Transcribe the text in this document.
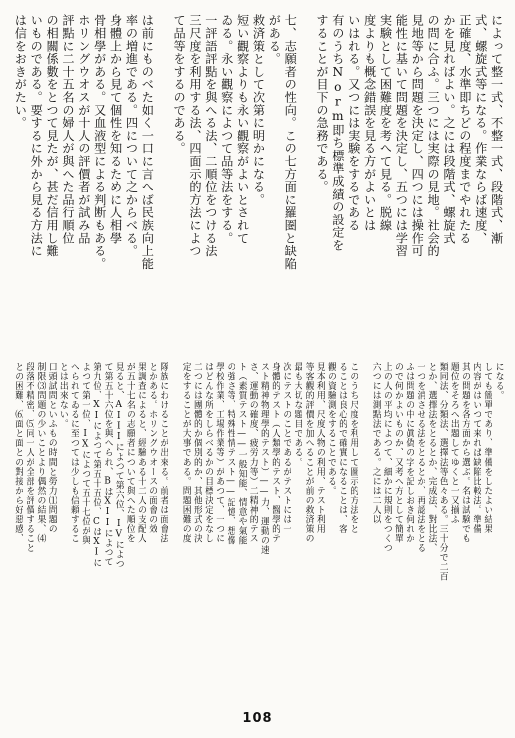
によって整一式、不整一式、段階式、漸
式、螺旋式等になる。作業ならば速度、
正確度、水準即ちどの程度までやれたる
かを見ればよい。之には段階式、螺旋式
の問に合ふ。三つには実際の見地。社会的
見地等から問題を決定し、四つには操作可
能性に基いて問題を決定し、五つには学習
実験として困難度を考へて見る。脱線
度よりも概念錯誤を見る方がよいとは
いはれる。又つには実験をするである
有のうちNorm即ち標準成績の設定を
することが目下の急務である。
七、志願者の性向。この七方面に羅圏と缺陥
がある。
救済策として次第に明かになる。
短い觀察よりも永い觀察がよいとされて
ゐる。永い觀察によつて品等法をする。
一評語評點を與へる法、二順位をつける法
三尺度を利用する法、四面示的方法によつ
て品等をするのである。
は前にものべた如く一口に言へば民族向上能
率の増進である。四について之からべる。
身體上から見て個性を知るために人相學
骨相學がある。又血液型による判断もある。
ホリングウオスが十人の評價者が試み品
評點に二十五名の婦人が與へた品行順位
の相關係數をとつて見たが、甚だ信用し難
いものである。要するに外から見る方法に
は信をおきがたい。
になる。
しても簡單であり、準備をしたよい結果
内容がはいつて来れば缺陥比較法。準備
其の問題を各方面から選ぶ。名は試験でも
題位をそろへ出題してゆくと一又揃ふ
類同法、分類法、選擇法等色々ある。三十分で二百
とか、選擇法をとるとか、完成法、對比法、
一つを消させる法をとるとか、再認法をとる
ふは問題の中に眞偽の字を記しおき何れか
ので何かよいものか、又考へ方として簡單
上の人の平均によつて、細かに規則をつくつ
六つには測點法である。之には二人以
このうち尺度を利用して圖示的方法をと
ることは良心的で確實になることは、客
觀の資驗測をすることである。
見本利用、尺度人物の利用、テスト利用
等客觀的評價を加へることが前の救済策の
最も大切な題目である。
次にテストのことであるがテストには一
身體的テスト（人類學的テスト、醫學的テ
スト精神物理學的テスト）——力、運動の速
さ、運動の確度、疲労力等）二精神的テス
ト（素質テスト——一般知能、情意や氣能
の強さ等、特殊性情テスト——記憶、想像
學校作業、工場作業等）があつて、一つに
はどんな所をしらべるかの目標決定をなし
二つには團體的か個別的か、其他形式の決
定をすることが大事である。問題困難の度
隊族にわけることが出來る。前者は面會法
とかある。ホリングウオースの面會の效
果調査によると、經驗ある十二人の支配人
が五十七名の志願者について與へた順位を
見ると、AIIIによつて第六位、IVによつ
て第五十六位を與へられ、BはXIIによつて
第九位、XIによつて第五十五位、CはXIに
よつて第一位、IXによつて五十七位が與
へられてゐるに至つては少しも信頼するこ
とは出來ない。
口頭試問といふもの時間と勞力⑴問題の
制限⑶問題の少いことより偶然の結果、⑷
段落不精密、⑸同一人が全部を評價すること
との困難、⑹面と面との對接から好惡感、
108
